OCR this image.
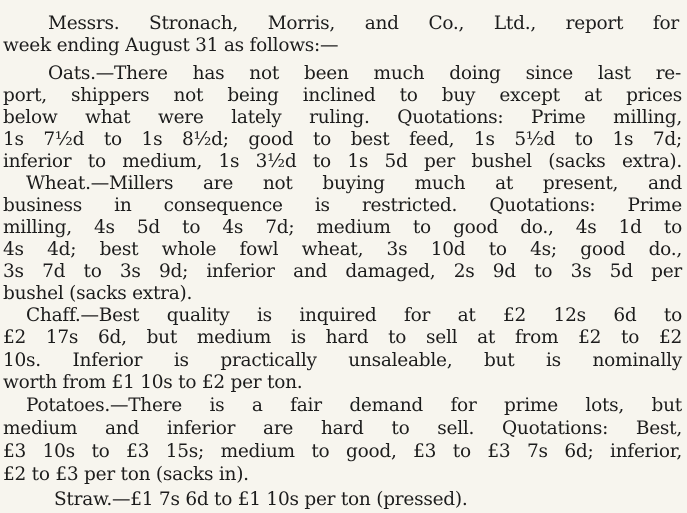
Messrs. Stronach, Morris, and Co., Ltd., report for
week ending August 31 as follows:—
Oats.—There has not been much doing since last re-
port, shippers not being inclined to buy except at prices
below what were lately ruling. Quotations: Prime milling,
1s 7½d to 1s 8½d; good to best feed, 1s 5½d to 1s 7d;
inferior to medium, 1s 3½d to 1s 5d per bushel (sacks extra).
Wheat.—Millers are not buying much at present, and
business in consequence is restricted. Quotations: Prime
milling, 4s 5d to 4s 7d; medium to good do., 4s 1d to
4s 4d; best whole fowl wheat, 3s 10d to 4s; good do.,
3s 7d to 3s 9d; inferior and damaged, 2s 9d to 3s 5d per
bushel (sacks extra).
Chaff.—Best quality is inquired for at £2 12s 6d to
£2 17s 6d, but medium is hard to sell at from £2 to £2
10s. Inferior is practically unsaleable, but is nominally
worth from £1 10s to £2 per ton.
Potatoes.—There is a fair demand for prime lots, but
medium and inferior are hard to sell. Quotations: Best,
£3 10s to £3 15s; medium to good, £3 to £3 7s 6d; inferior,
£2 to £3 per ton (sacks in).
Straw.—£1 7s 6d to £1 10s per ton (pressed).
